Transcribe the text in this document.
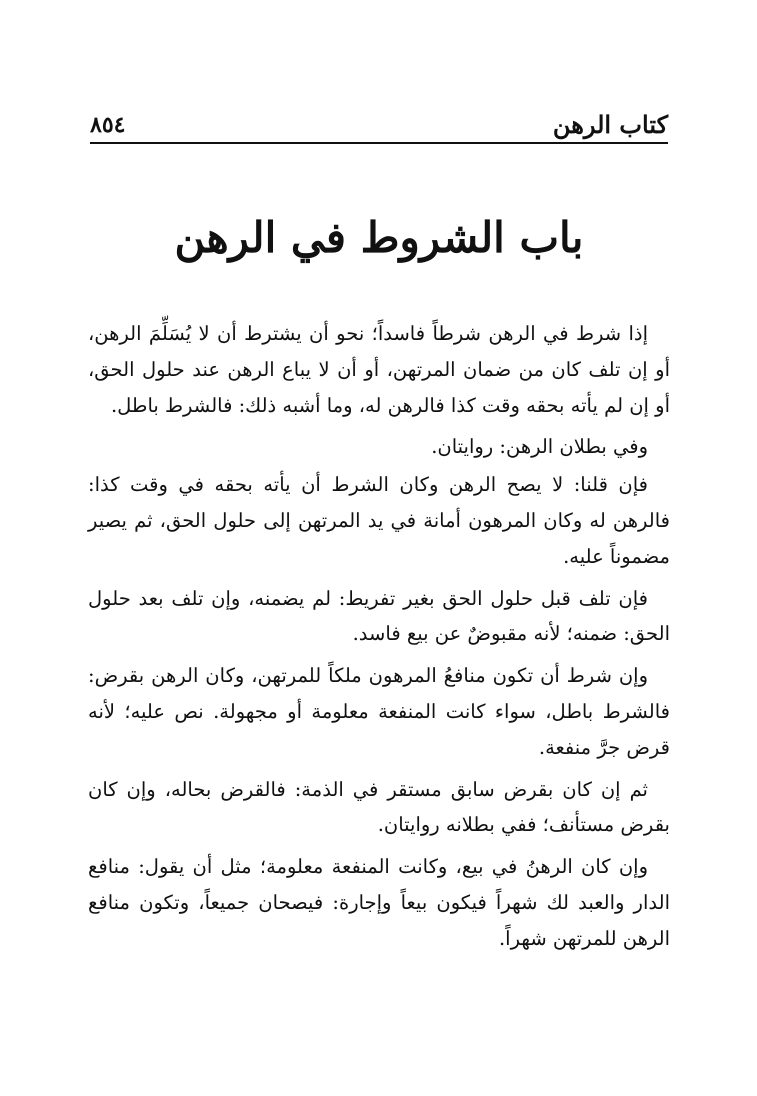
كتاب الرهن
٨٥٤
باب الشروط في الرهن

إذا شرط في الرهن شرطاً فاسداً؛ نحو أن يشترط أن لا يُسَلِّمَ الرهن، أو إن تلف كان من ضمان المرتهن، أو أن لا يباع الرهن عند حلول الحق، أو إن لم يأته بحقه وقت كذا فالرهن له، وما أشبه ذلك: فالشرط باطل.

وفي بطلان الرهن: روايتان.

فإن قلنا: لا يصح الرهن وكان الشرط أن يأته بحقه في وقت كذا: فالرهن له وكان المرهون أمانة في يد المرتهن إلى حلول الحق، ثم يصير مضموناً عليه.

فإن تلف قبل حلول الحق بغير تفريط: لم يضمنه، وإن تلف بعد حلول الحق: ضمنه؛ لأنه مقبوضٌ عن بيع فاسد.

وإن شرط أن تكون منافعُ المرهون ملكاً للمرتهن، وكان الرهن بقرض: فالشرط باطل، سواء كانت المنفعة معلومة أو مجهولة. نص عليه؛ لأنه قرض جرَّ منفعة.

ثم إن كان بقرض سابق مستقر في الذمة: فالقرض بحاله، وإن كان بقرض مستأنف؛ ففي بطلانه روايتان.

وإن كان الرهنُ في بيع، وكانت المنفعة معلومة؛ مثل أن يقول: منافع الدار والعبد لك شهراً فيكون بيعاً وإجارة: فيصحان جميعاً، وتكون منافع الرهن للمرتهن شهراً.
